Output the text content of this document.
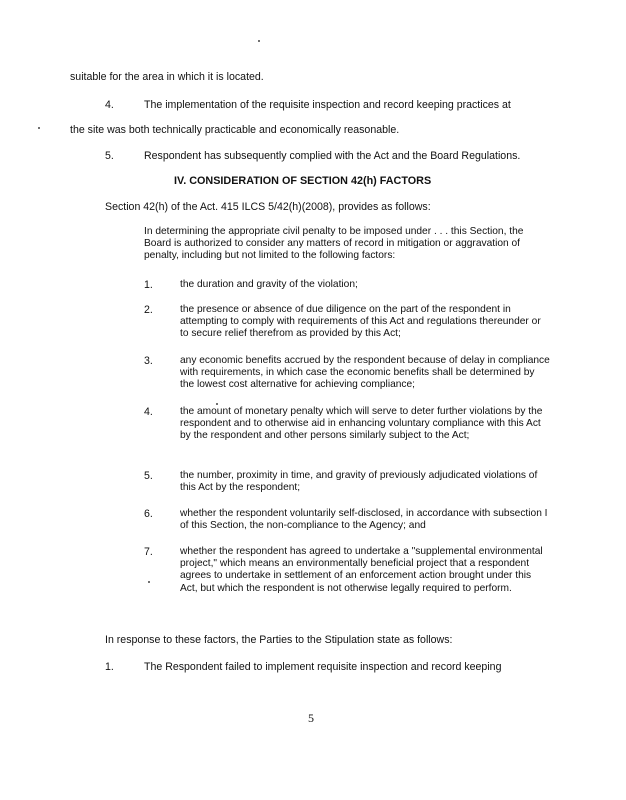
suitable for the area in which it is located.
4.	The implementation of the requisite inspection and record keeping practices at
the site was both technically practicable and economically reasonable.
5.	Respondent has subsequently complied with the Act and the Board Regulations.
IV. CONSIDERATION OF SECTION 42(h) FACTORS
Section 42(h) of the Act. 415 ILCS 5/42(h)(2008), provides as follows:
In determining the appropriate civil penalty to be imposed under . . . this Section, the Board is authorized to consider any matters of record in mitigation or aggravation of penalty, including but not limited to the following factors:
1.	the duration and gravity of the violation;
2.	the presence or absence of due diligence on the part of the respondent in attempting to comply with requirements of this Act and regulations thereunder or to secure relief therefrom as provided by this Act;
3.	any economic benefits accrued by the respondent because of delay in compliance with requirements, in which case the economic benefits shall be determined by the lowest cost alternative for achieving compliance;
4.	the amount of monetary penalty which will serve to deter further violations by the respondent and to otherwise aid in enhancing voluntary compliance with this Act by the respondent and other persons similarly subject to the Act;
5.	the number, proximity in time, and gravity of previously adjudicated violations of this Act by the respondent;
6.	whether the respondent voluntarily self-disclosed, in accordance with subsection I of this Section, the non-compliance to the Agency; and
7.	whether the respondent has agreed to undertake a "supplemental environmental project," which means an environmentally beneficial project that a respondent agrees to undertake in settlement of an enforcement action brought under this Act, but which the respondent is not otherwise legally required to perform.
In response to these factors, the Parties to the Stipulation state as follows:
1.	The Respondent failed to implement requisite inspection and record keeping
5
